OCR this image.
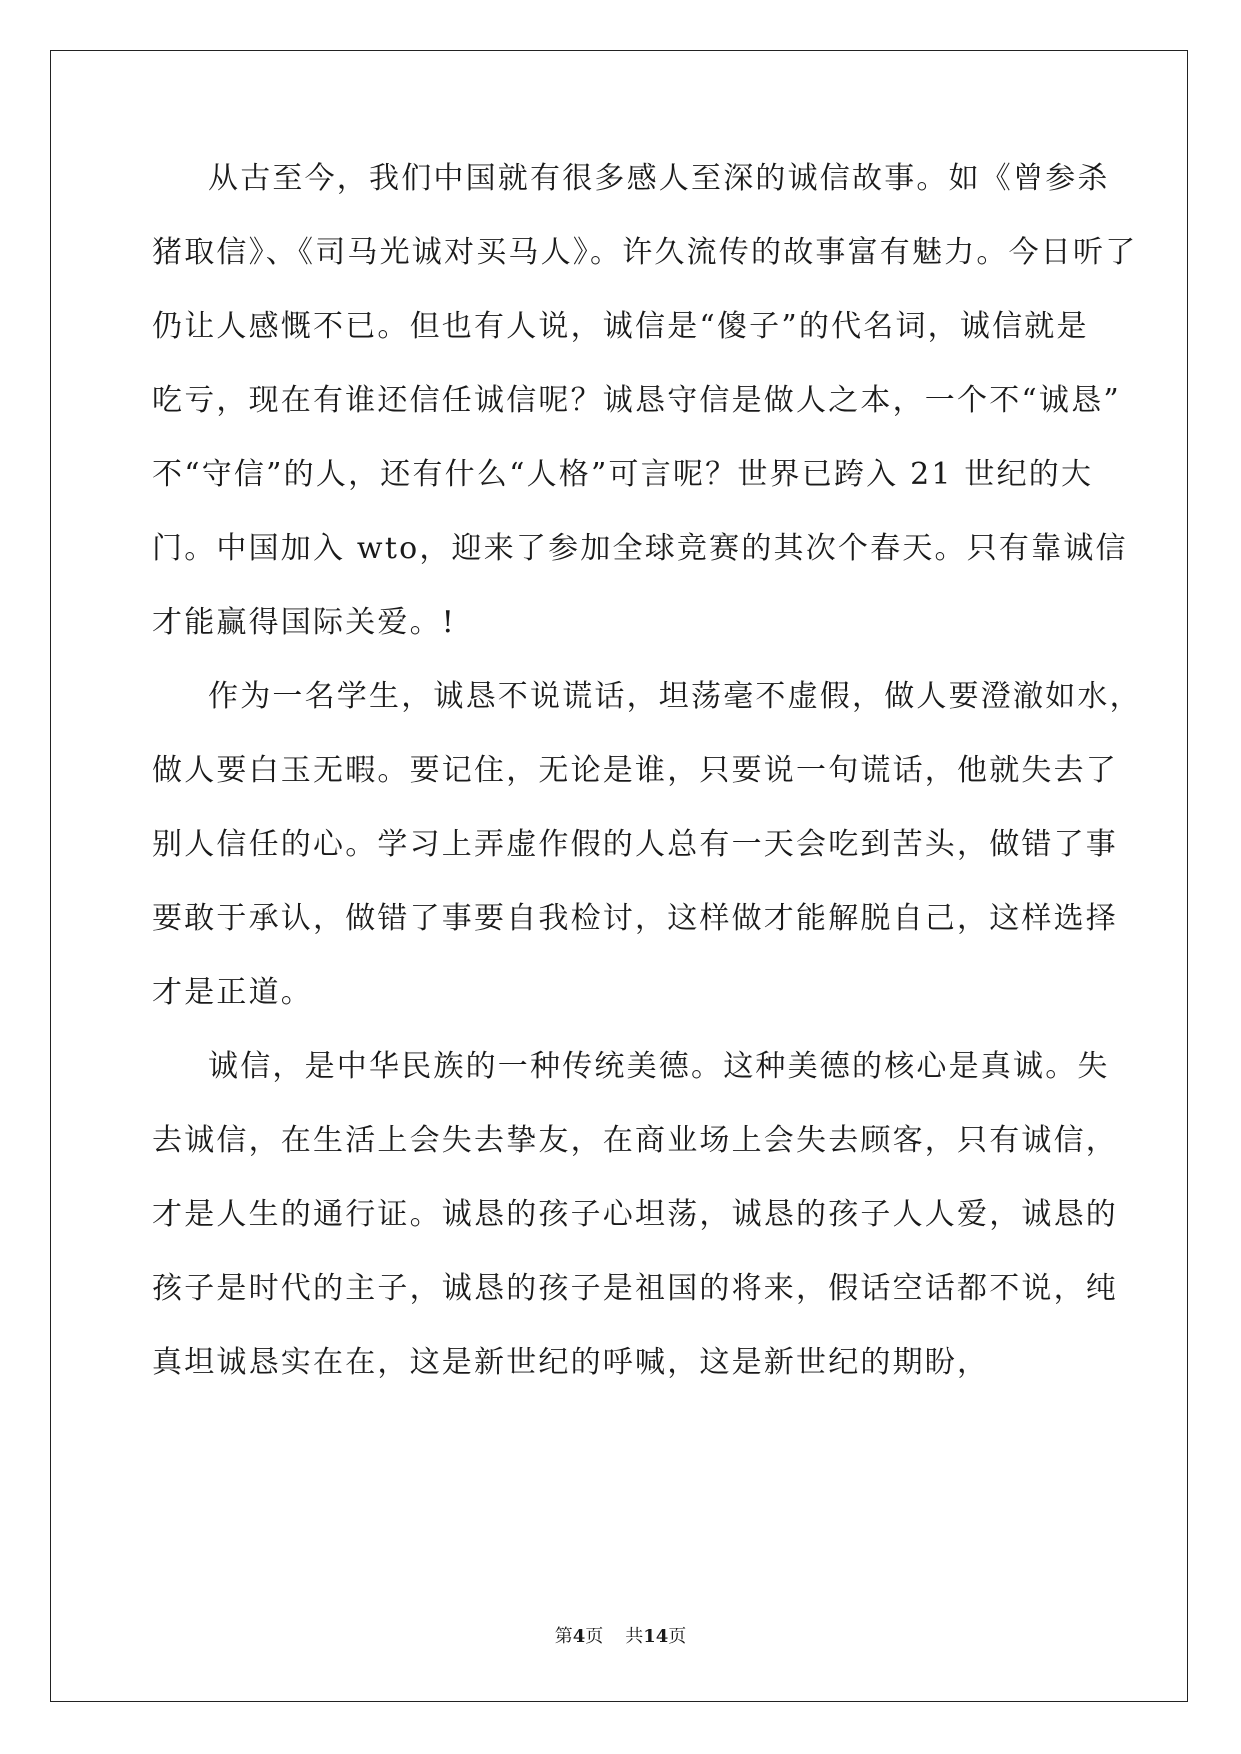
从古至今，我们中国就有很多感人至深的诚信故事。如《曾参杀
猪取信》、《司马光诚对买马人》。许久流传的故事富有魅力。今日听了
仍让人感慨不已。但也有人说，诚信是“傻子”的代名词，诚信就是
吃亏，现在有谁还信任诚信呢？诚恳守信是做人之本，一个不“诚恳”
不“守信”的人，还有什么“人格”可言呢？世界已跨入 21 世纪的大
门。中国加入 wto，迎来了参加全球竞赛的其次个春天。只有靠诚信
才能赢得国际关爱。!
作为一名学生，诚恳不说谎话，坦荡毫不虚假，做人要澄澈如水，
做人要白玉无暇。要记住，无论是谁，只要说一句谎话，他就失去了
别人信任的心。学习上弄虚作假的人总有一天会吃到苦头，做错了事
要敢于承认，做错了事要自我检讨，这样做才能解脱自己，这样选择
才是正道。
诚信，是中华民族的一种传统美德。这种美德的核心是真诚。失
去诚信，在生活上会失去挚友，在商业场上会失去顾客，只有诚信，
才是人生的通行证。诚恳的孩子心坦荡，诚恳的孩子人人爱，诚恳的
孩子是时代的主子，诚恳的孩子是祖国的将来，假话空话都不说，纯
真坦诚恳实在在，这是新世纪的呼喊，这是新世纪的期盼，
第4页 共14页
